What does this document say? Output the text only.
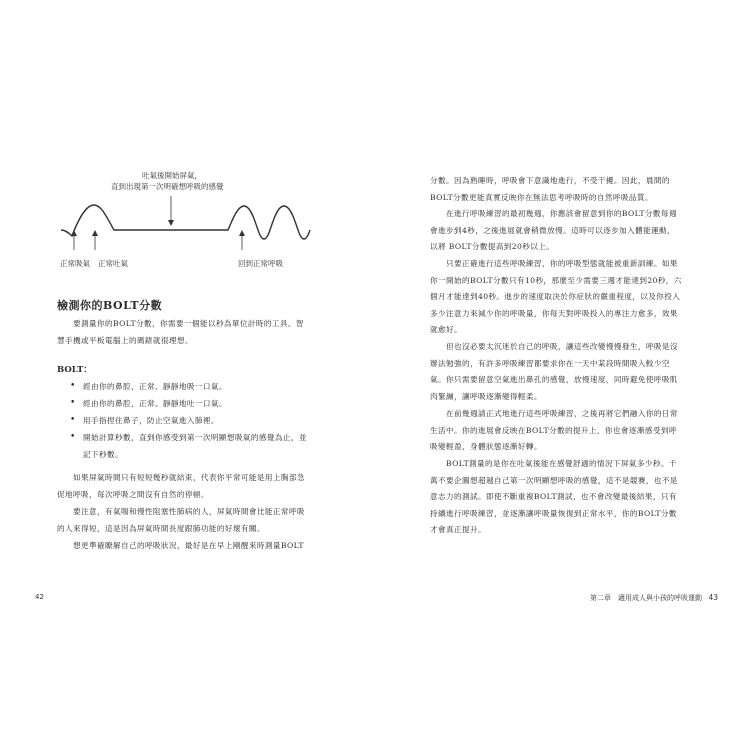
吐氣後開始屏氣，
直到出現第一次明確想呼吸的感覺
正常吸氣 正常吐氣	回到正常呼吸
檢測你的BOLT分數
要測量你的BOLT分數，你需要一個能以秒為單位計時的工具。智
慧手機或平板電腦上的碼錶就很理想。
BOLT：
• 經由你的鼻腔，正常、靜靜地吸一口氣。
• 經由你的鼻腔，正常、靜靜地吐一口氣。
• 用手指捏住鼻子，防止空氣進入肺裡。
• 開始計算秒數，直到你感受到第一次明顯想吸氣的感覺為止，並
記下秒數。
如果屏氣時間只有短短幾秒就結束，代表你平常可能是用上胸部急
促地呼吸，每次呼吸之間沒有自然的停頓。
要注意，有氣喘和慢性阻塞性肺病的人，屏氣時間會比能正常呼吸
的人來得短，這是因為屏氣時間長度跟肺功能的好壞有關。
想更準確瞭解自己的呼吸狀況，最好是在早上剛醒來時測量BOLT
42
分數。因為熟睡時，呼吸會下意識地進行，不受干擾。因此，晨間的
BOLT分數更能真實反映你在無法思考呼吸時的自然呼吸品質。
在進行呼吸練習的最初幾週，你應該會留意到你的BOLT分數每週
會進步到4秒，之後進展就會稍微放慢。這時可以逐步加入體能運動，
以將 BOLT分數提高到20秒以上。
只要正確進行這些呼吸練習，你的呼吸型態就能被重新訓練。如果
你一開始的BOLT分數只有10秒，那麼至少需要三週才能達到20秒，六
個月才能達到40秒。進步的速度取決於你症狀的嚴重程度，以及你投入
多少注意力來減少你的呼吸量，你每天對呼吸投入的專注力愈多，效果
就愈好。
但也沒必要太沉迷於自己的呼吸，讓這些改變慢慢發生，呼吸是沒
辦法勉強的，有許多呼吸練習都要求你在一天中某段時間吸入較少空
氣。你只需要留意空氣進出鼻孔的感覺，放慢速度，同時避免使呼吸肌
肉緊繃，讓呼吸逐漸變得輕柔。
在前幾週請正式地進行這些呼吸練習，之後再將它們融入你的日常
生活中。你的進展會反映在BOLT分數的提升上，你也會逐漸感受到呼
吸變輕盈，身體狀態逐漸好轉。
BOLT測量的是你在吐氣後能在感覺舒適的情況下屏氣多少秒。千
萬不要企圖想超越自己第一次明顯想呼吸的感覺，這不是競賽，也不是
意志力的測試。即使不斷重複BOLT測試，也不會改變最後結果，只有
持續進行呼吸練習，並逐漸讓呼吸量恢復到正常水平，你的BOLT分數
才會真正提升。
第二章　適用成人與小孩的呼吸運動 43
